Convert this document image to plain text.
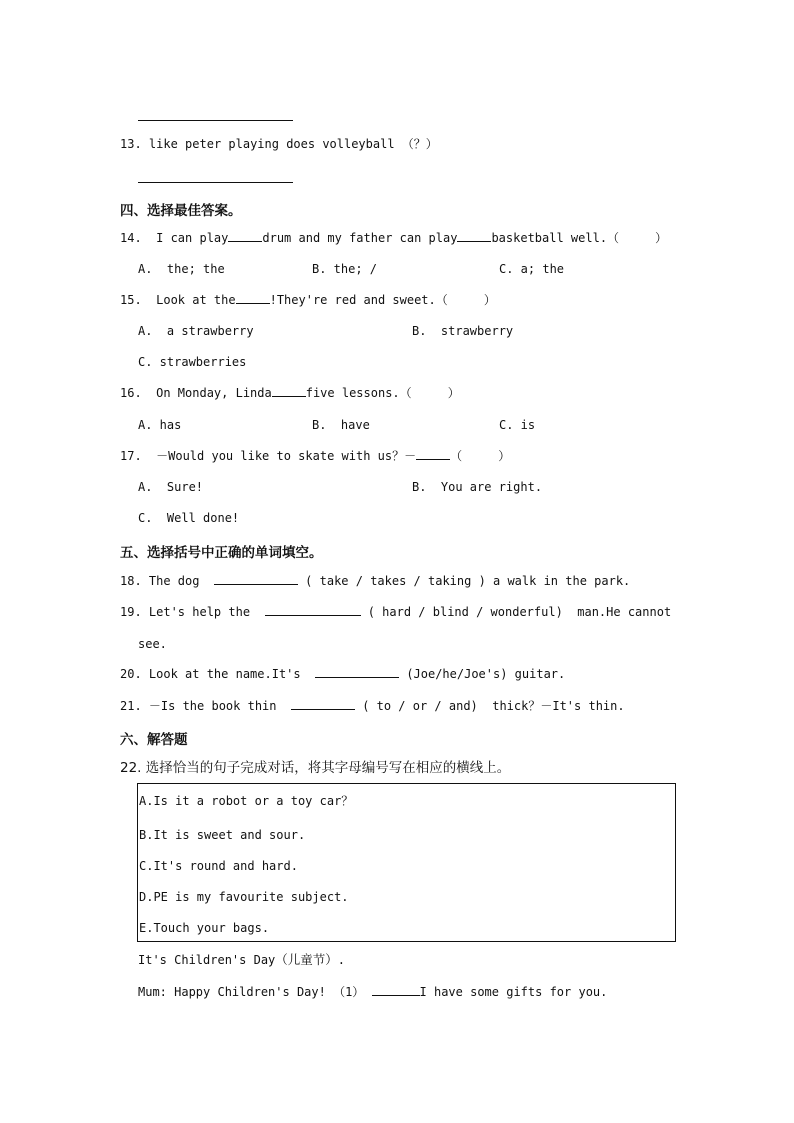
13. like peter playing does volleyball （？）
四、选择最佳答案。
14.  I can play	drum and my father can play	basketball well.（     ）
A.  the; the	B. the; /	C. a; the
15.  Look at the	!They're red and sweet.（     ）
A.  a strawberry	B.  strawberry
C. strawberries
16.  On Monday, Linda	five lessons.（     ）
A. has	B.  have	C. is
17.  －Would you like to skate with us？－	（     ）
A.  Sure!	B.  You are right.
C.  Well done!
五、选择括号中正确的单词填空。
18. The dog	( take / takes / taking ) a walk in the park.
19. Let's help the	( hard / blind / wonderful)  man.He cannot
see.
20. Look at the name.It's	(Joe/he/Joe's) guitar.
21. －Is the book thin	( to / or / and)  thick？－It's thin.
六、解答题
22. 选择恰当的句子完成对话，将其字母编号写在相应的横线上。
A.Is it a robot or a toy car？
B.It is sweet and sour.
C.It's round and hard.
D.PE is my favourite subject.
E.Touch your bags.
It's Children's Day（儿童节）.
Mum: Happy Children's Day! （1）	I have some gifts for you.
